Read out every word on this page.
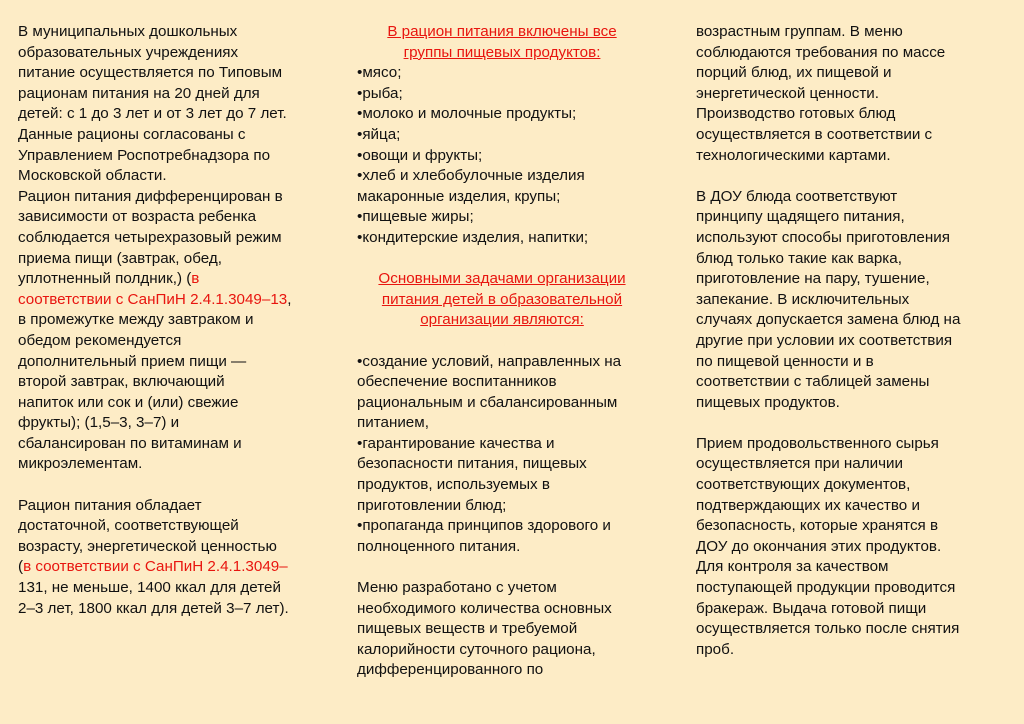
В муниципальных дошкольных

образовательных учреждениях

питание осуществляется по Типовым

рационам питания на 20 дней для

детей: с 1 до 3 лет и от 3 лет до 7 лет.

Данные рационы согласованы с

Управлением Роспотребнадзора по

Московской области.

Рацион питания дифференцирован в

зависимости от возраста ребенка

соблюдается четырехразовый режим

приема пищи (завтрак, обед,

уплотненный полдник,) (в

соответствии с СанПиН 2.4.1.3049–13,

в промежутке между завтраком и

обедом рекомендуется

дополнительный прием пищи —

второй завтрак, включающий

напиток или сок и (или) свежие

фрукты); (1,5–3, 3–7) и

сбалансирован по витаминам и

микроэлементам.

Рацион питания обладает

достаточной, соответствующей

возрасту, энергетической ценностью

(в соответствии с СанПиН 2.4.1.3049–

131, не меньше, 1400 ккал для детей

2–3 лет, 1800 ккал для детей 3–7 лет).

В рацион питания включены все

группы пищевых продуктов:

•мясо;

•рыба;

•молоко и молочные продукты;

•яйца;

•овощи и фрукты;

•хлеб и хлебобулочные изделия

макаронные изделия, крупы;

•пищевые жиры;

•кондитерские изделия, напитки;

Основными задачами организации

питания детей в образовательной

организации являются:

•создание условий, направленных на

обеспечение воспитанников

рациональным и сбалансированным

питанием,

•гарантирование качества и

безопасности питания, пищевых

продуктов, используемых в

приготовлении блюд;

•пропаганда принципов здорового и

полноценного питания.

Меню разработано с учетом

необходимого количества основных

пищевых веществ и требуемой

калорийности суточного рациона,

дифференцированного по

возрастным группам. В меню

соблюдаются требования по массе

порций блюд, их пищевой и

энергетической ценности.

Производство готовых блюд

осуществляется в соответствии с

технологическими картами.

В ДОУ блюда соответствуют

принципу щадящего питания,

используют способы приготовления

блюд только такие как варка,

приготовление на пару, тушение,

запекание. В исключительных

случаях допускается замена блюд на

другие при условии их соответствия

по пищевой ценности и в

соответствии с таблицей замены

пищевых продуктов.

Прием продовольственного сырья

осуществляется при наличии

соответствующих документов,

подтверждающих их качество и

безопасность, которые хранятся в

ДОУ до окончания этих продуктов.

Для контроля за качеством

поступающей продукции проводится

бракераж. Выдача готовой пищи

осуществляется только после снятия

проб.
